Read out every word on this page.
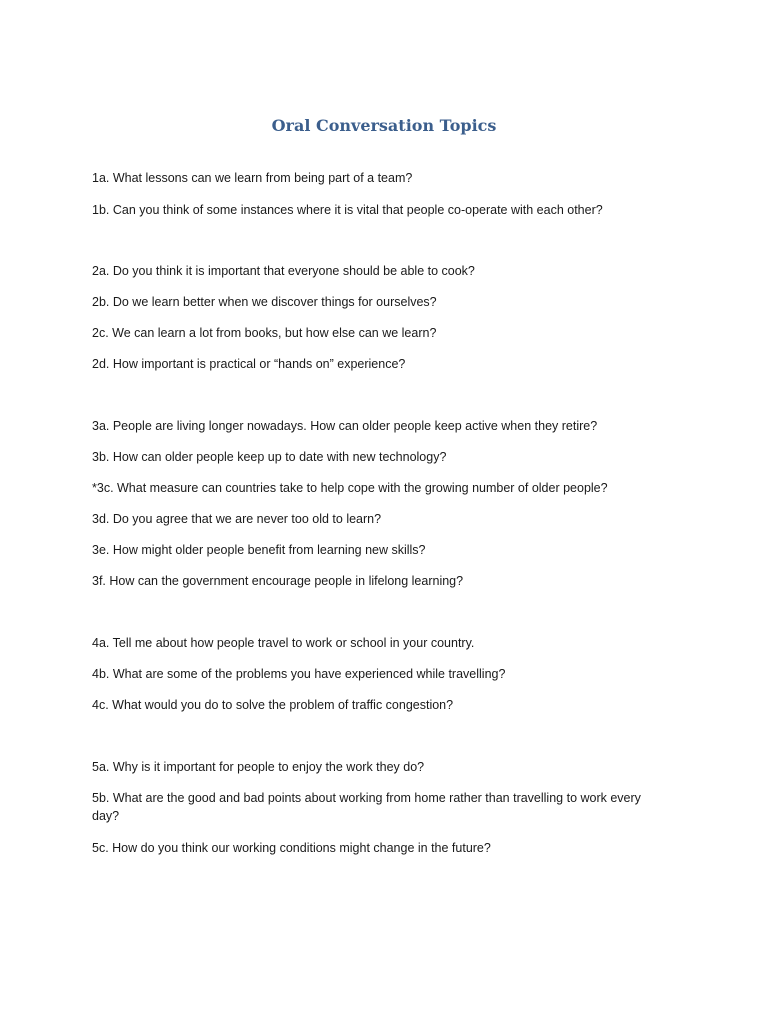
Oral Conversation Topics

1a. What lessons can we learn from being part of a team?

1b. Can you think of some instances where it is vital that people co-operate with each other?

2a. Do you think it is important that everyone should be able to cook?

2b. Do we learn better when we discover things for ourselves?

2c. We can learn a lot from books, but how else can we learn?

2d. How important is practical or “hands on” experience?

3a. People are living longer nowadays. How can older people keep active when they retire?

3b. How can older people keep up to date with new technology?

*3c. What measure can countries take to help cope with the growing number of older people?

3d. Do you agree that we are never too old to learn?

3e. How might older people benefit from learning new skills?

3f. How can the government encourage people in lifelong learning?

4a. Tell me about how people travel to work or school in your country.

4b. What are some of the problems you have experienced while travelling?

4c. What would you do to solve the problem of traffic congestion?

5a. Why is it important for people to enjoy the work they do?

5b. What are the good and bad points about working from home rather than travelling to work every day?

5c. How do you think our working conditions might change in the future?
